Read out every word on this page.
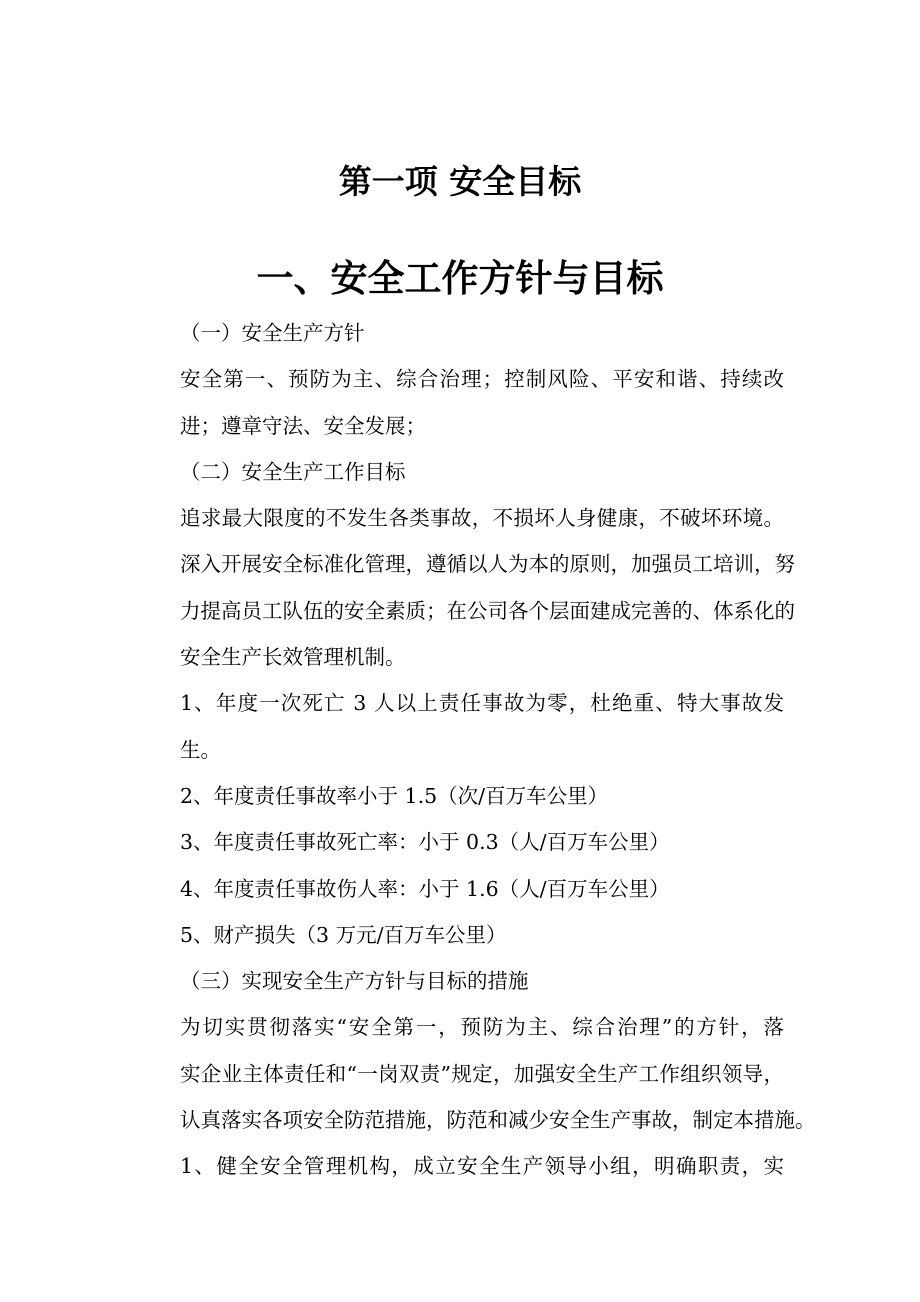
第一项 安全目标
一、安全工作方针与目标

（一）安全生产方针

安全第一、预防为主、综合治理；控制风险、平安和谐、持续改
进；遵章守法、安全发展；

（二）安全生产工作目标

追求最大限度的不发生各类事故，不损坏人身健康，不破坏环境。
深入开展安全标准化管理，遵循以人为本的原则，加强员工培训，努
力提高员工队伍的安全素质；在公司各个层面建成完善的、体系化的
安全生产长效管理机制。

1、年度一次死亡 3 人以上责任事故为零，杜绝重、特大事故发
生。

2、年度责任事故率小于 1.5（次/百万车公里）

3、年度责任事故死亡率：小于 0.3（人/百万车公里）

4、年度责任事故伤人率：小于 1.6（人/百万车公里）

5、财产损失（3 万元/百万车公里）

（三）实现安全生产方针与目标的措施

为切实贯彻落实“安全第一，预防为主、综合治理”的方针，落
实企业主体责任和“一岗双责”规定，加强安全生产工作组织领导，
认真落实各项安全防范措施，防范和减少安全生产事故，制定本措施。

1、健全安全管理机构，成立安全生产领导小组，明确职责，实
